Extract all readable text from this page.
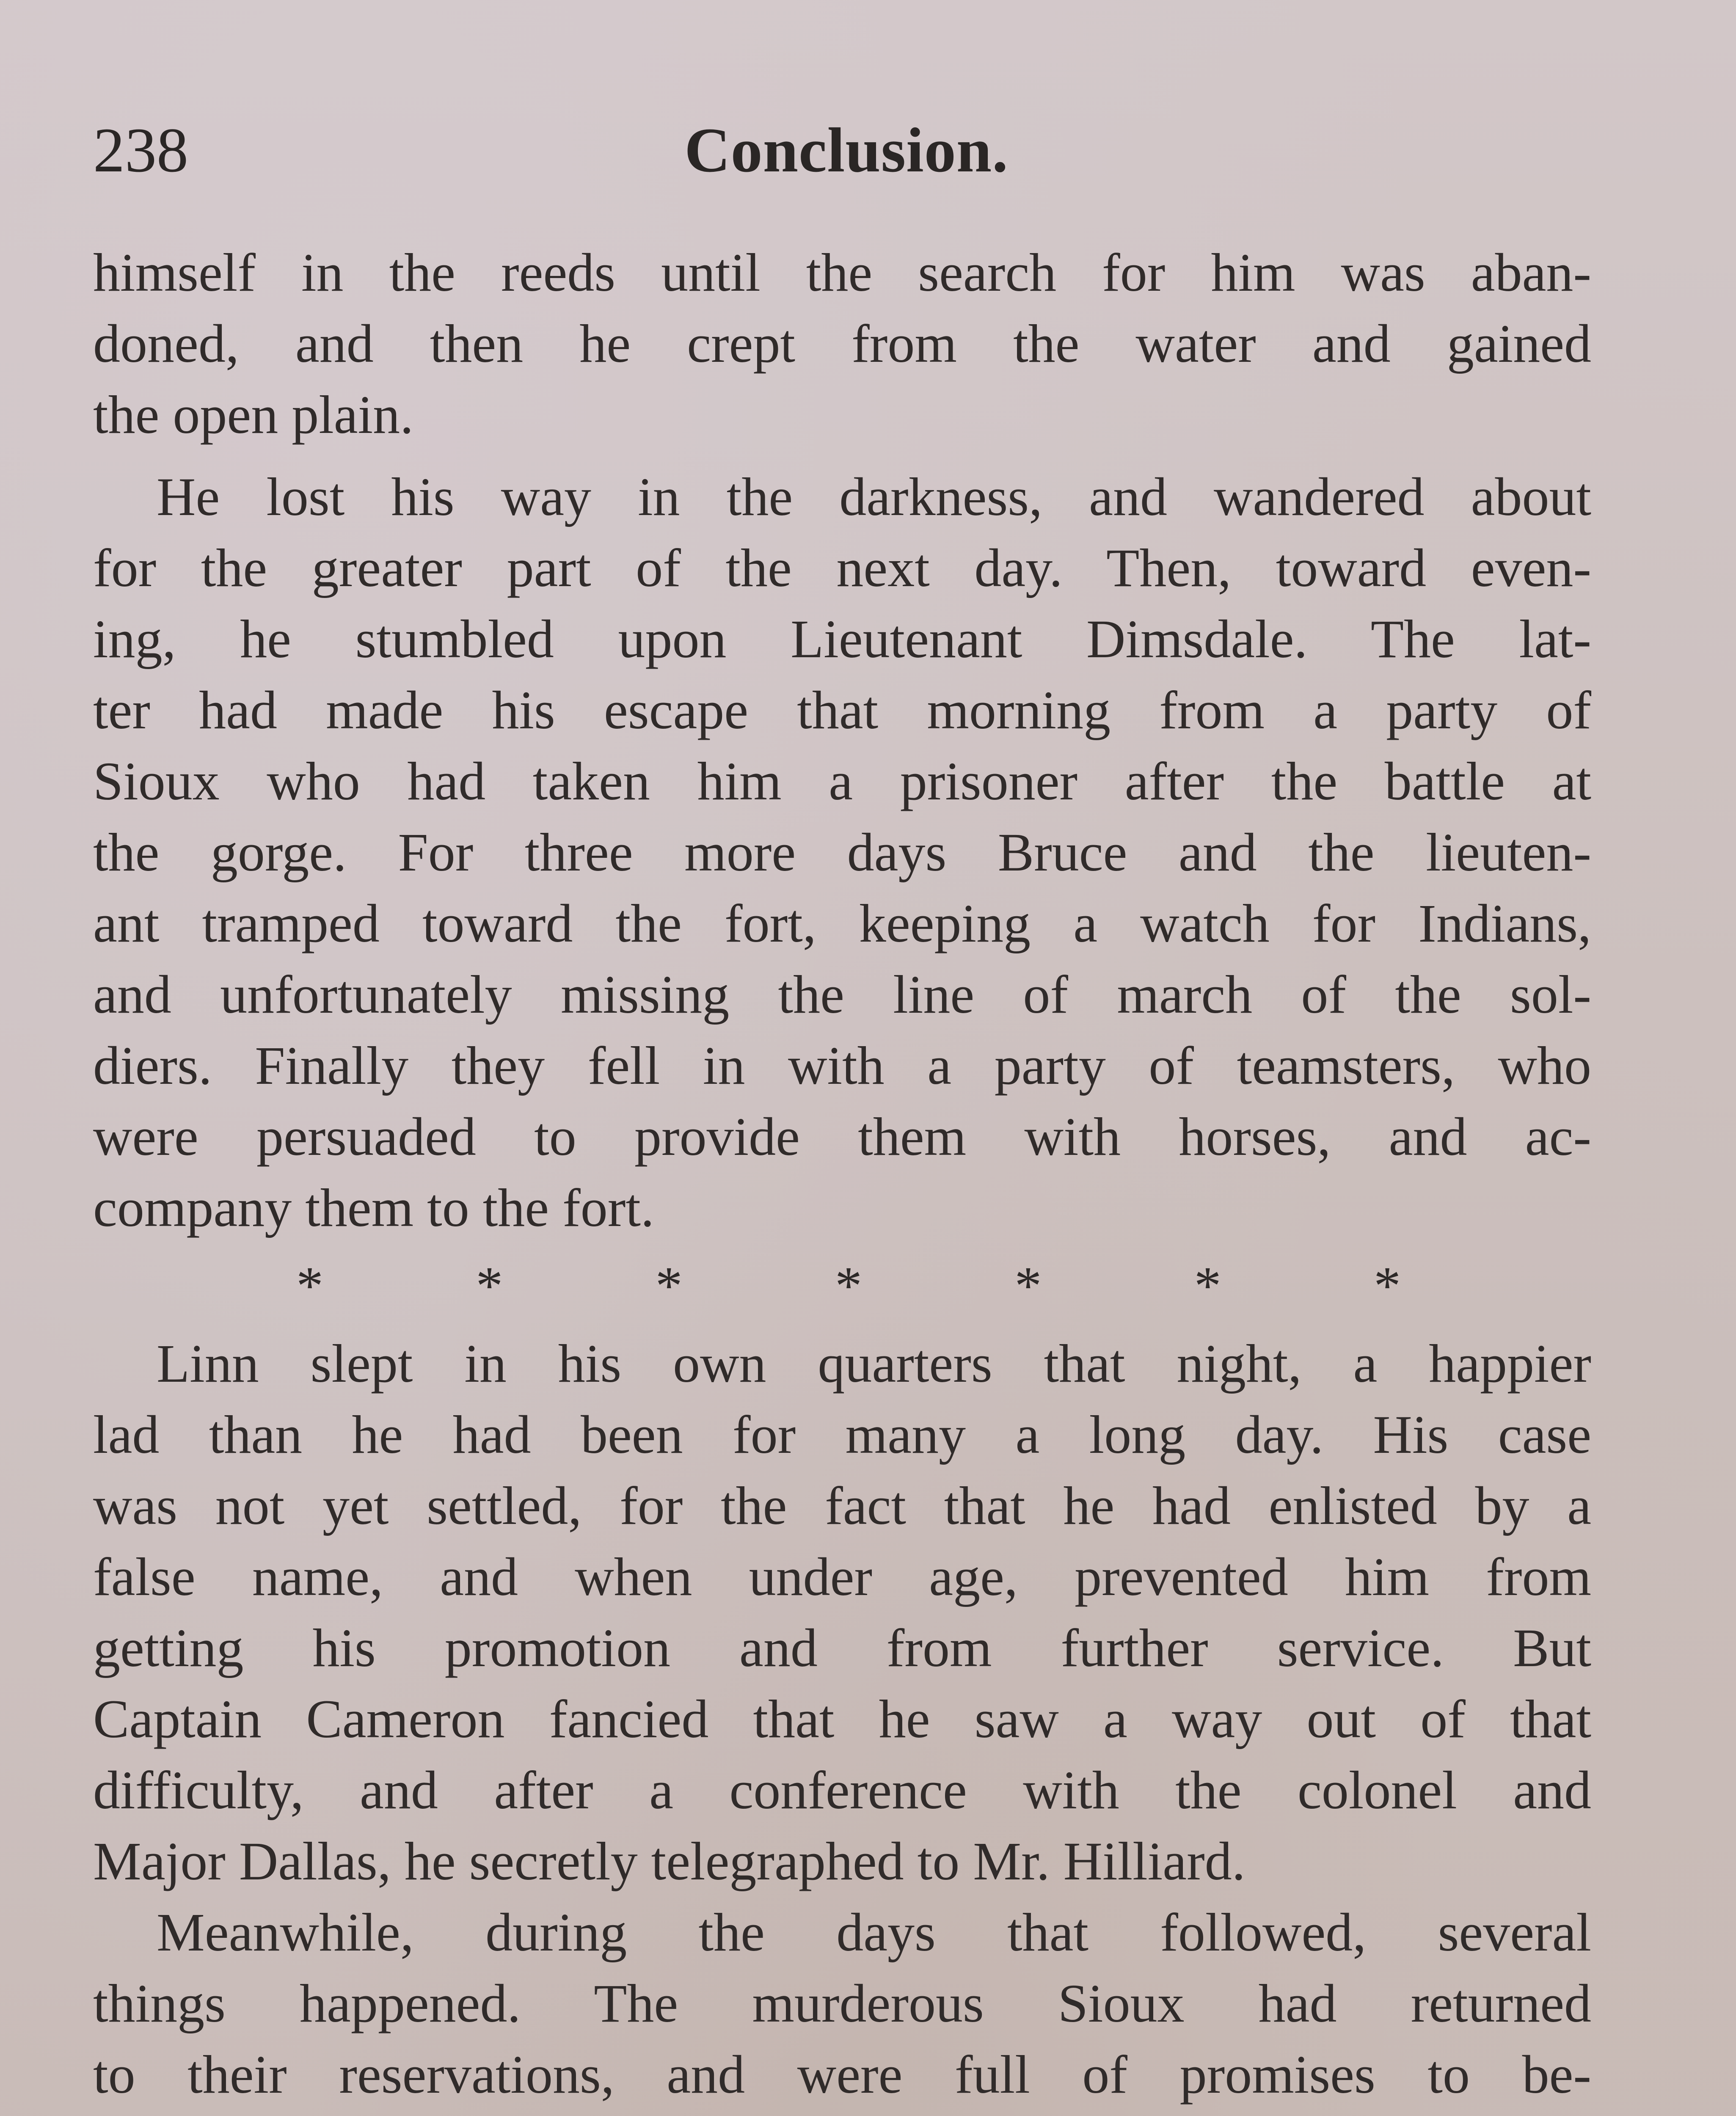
238	Conclusion.
himself in the reeds until the search for him was aban-
doned, and then he crept from the water and gained
the open plain.
He lost his way in the darkness, and wandered about
for the greater part of the next day. Then, toward even-
ing, he stumbled upon Lieutenant Dimsdale. The lat-
ter had made his escape that morning from a party of
Sioux who had taken him a prisoner after the battle at
the gorge. For three more days Bruce and the lieuten-
ant tramped toward the fort, keeping a watch for Indians,
and unfortunately missing the line of march of the sol-
diers. Finally they fell in with a party of teamsters, who
were persuaded to provide them with horses, and ac-
company them to the fort.
*	*	*	*	*	*	*
Linn slept in his own quarters that night, a happier
lad than he had been for many a long day. His case
was not yet settled, for the fact that he had enlisted by a
false name, and when under age, prevented him from
getting his promotion and from further service. But
Captain Cameron fancied that he saw a way out of that
difficulty, and after a conference with the colonel and
Major Dallas, he secretly telegraphed to Mr. Hilliard.
Meanwhile, during the days that followed, several
things happened. The murderous Sioux had returned
to their reservations, and were full of promises to be-
